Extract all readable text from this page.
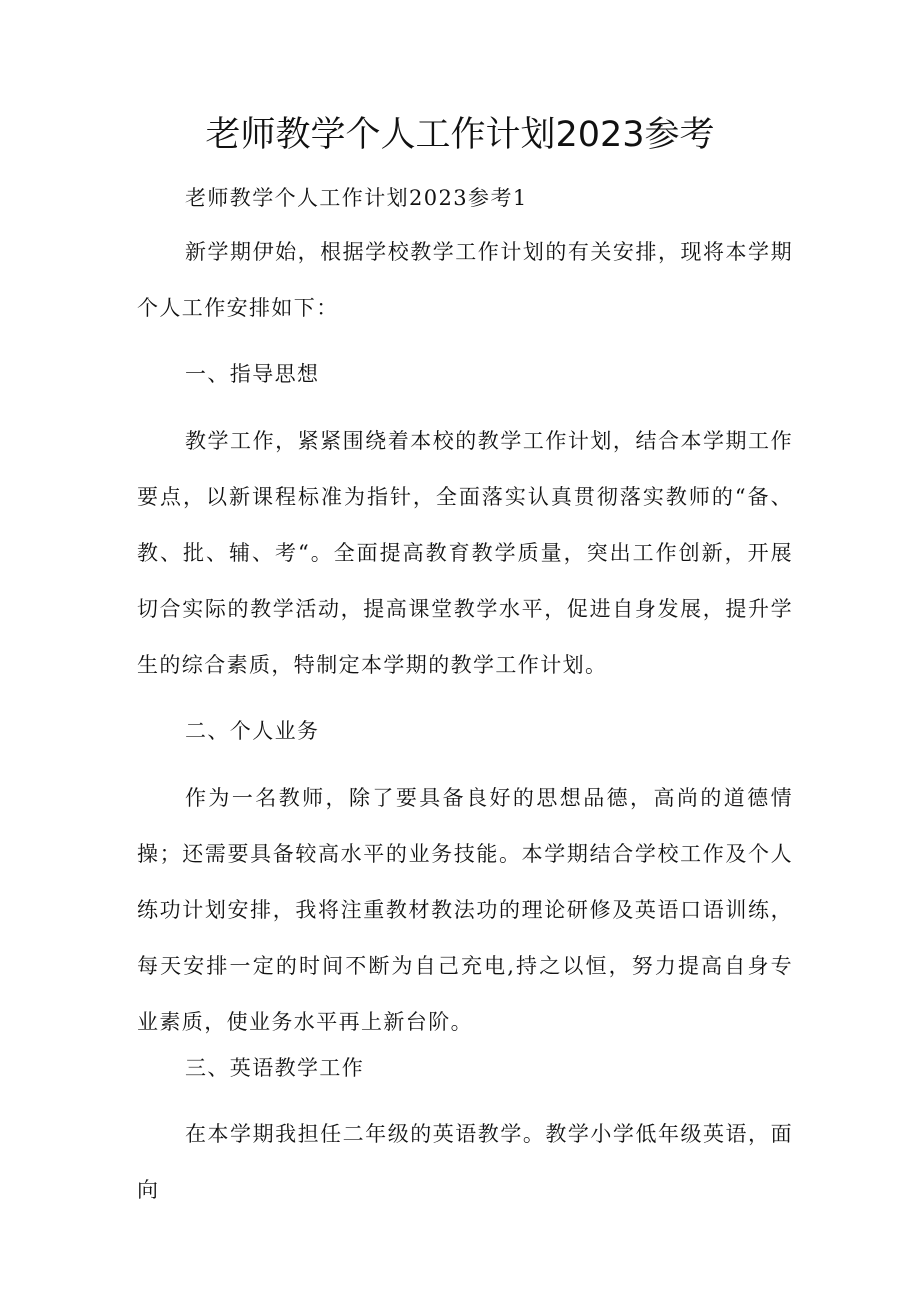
老师教学个人工作计划2023参考

老师教学个人工作计划2023参考1

新学期伊始，根据学校教学工作计划的有关安排，现将本学期个人工作安排如下：

一、指导思想

教学工作，紧紧围绕着本校的教学工作计划，结合本学期工作要点，以新课程标准为指针，全面落实认真贯彻落实教师的“备、教、批、辅、考“。全面提高教育教学质量，突出工作创新，开展切合实际的教学活动，提高课堂教学水平，促进自身发展，提升学生的综合素质，特制定本学期的教学工作计划。

二、个人业务

作为一名教师，除了要具备良好的思想品德，高尚的道德情操；还需要具备较高水平的业务技能。本学期结合学校工作及个人练功计划安排，我将注重教材教法功的理论研修及英语口语训练，每天安排一定的时间不断为自己充电,持之以恒，努力提高自身专业素质，使业务水平再上新台阶。

三、英语教学工作

在本学期我担任二年级的英语教学。教学小学低年级英语，面向
